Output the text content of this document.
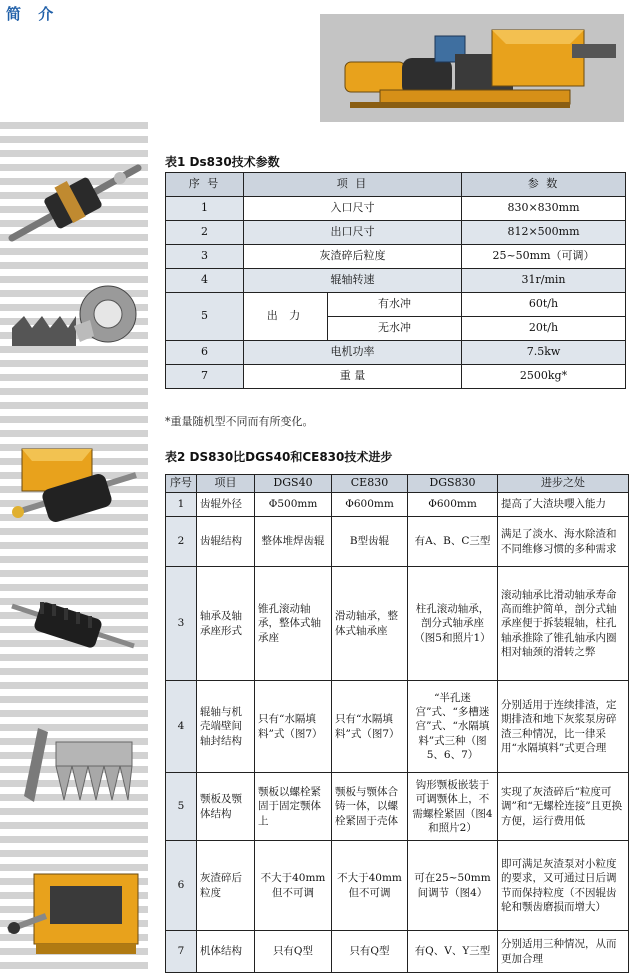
简 介
表1 Ds830技术参数
序 号	项 目		参 数
1	入口尺寸		830×830mm
2	出口尺寸		812×500mm
3	灰渣碎后粒度		25~50mm（可调）
4	辊轴转速		31r/min
5	出 力	有水冲	60t/h
		无水冲	20t/h
6	电机功率		7.5kw
7	重 量		2500kg*
*重量随机型不同而有所变化。
表2 DS830比DGS40和CE830技术进步
序号	项目	DGS40	CE830	DGS830	进步之处
1	齿辊外径	Φ500mm	Φ600mm	Φ600mm	提高了大渣块嚶入能力
2	齿辊结构	整体堆焊齿辊	B型齿辊	有A、B、C三型	满足了淡水、海水除渣和不同维修习惯的多种需求
3	轴承及轴承座形式	锥孔滚动轴承，整体式轴承座	滑动轴承，整体式轴承座	柱孔滚动轴承，剖分式轴承座（图5和照片1）	滚动轴承比滑动轴承寿命高而维护简单，剖分式轴承座便于拆装辊轴，柱孔轴承推除了锥孔轴承内圈相对轴颈的滑转之弊
4	辊轴与机壳端壁间轴封结构	只有“水隔填料”式（图7）	只有“水隔填料”式（图7）	“半孔迷宫”式、“多槽迷宫”式、“水隔填料”式三种（图5、6、7）	分别适用于连续排渣，定期排渣和地下灰浆泵房碎渣三种情况，比一律采用“水隔填料”式更合理
5	颚板及颚体结构	颚板以螺栓紧固于固定颚体上	颚板与颚体合铸一体，以螺栓紧固于壳体	钩形颚板嵌装于可调颚体上，不需螺栓紧固（图4和照片2）	实现了灰渣碎后“粒度可调”和“无螺栓连接”且更换方便，运行费用低
6	灰渣碎后粒度	不大于40mm但不可调	不大于40mm但不可调	可在25~50mm间调节（图4）	即可满足灰渣泵对小粒度的要求，又可通过日后调节而保持粒度（不因辊齿轮和颚齿磨损而增大）
7	机体结构	只有Q型	只有Q型	有Q、V、Y三型	分别适用三种情况，从而更加合理
